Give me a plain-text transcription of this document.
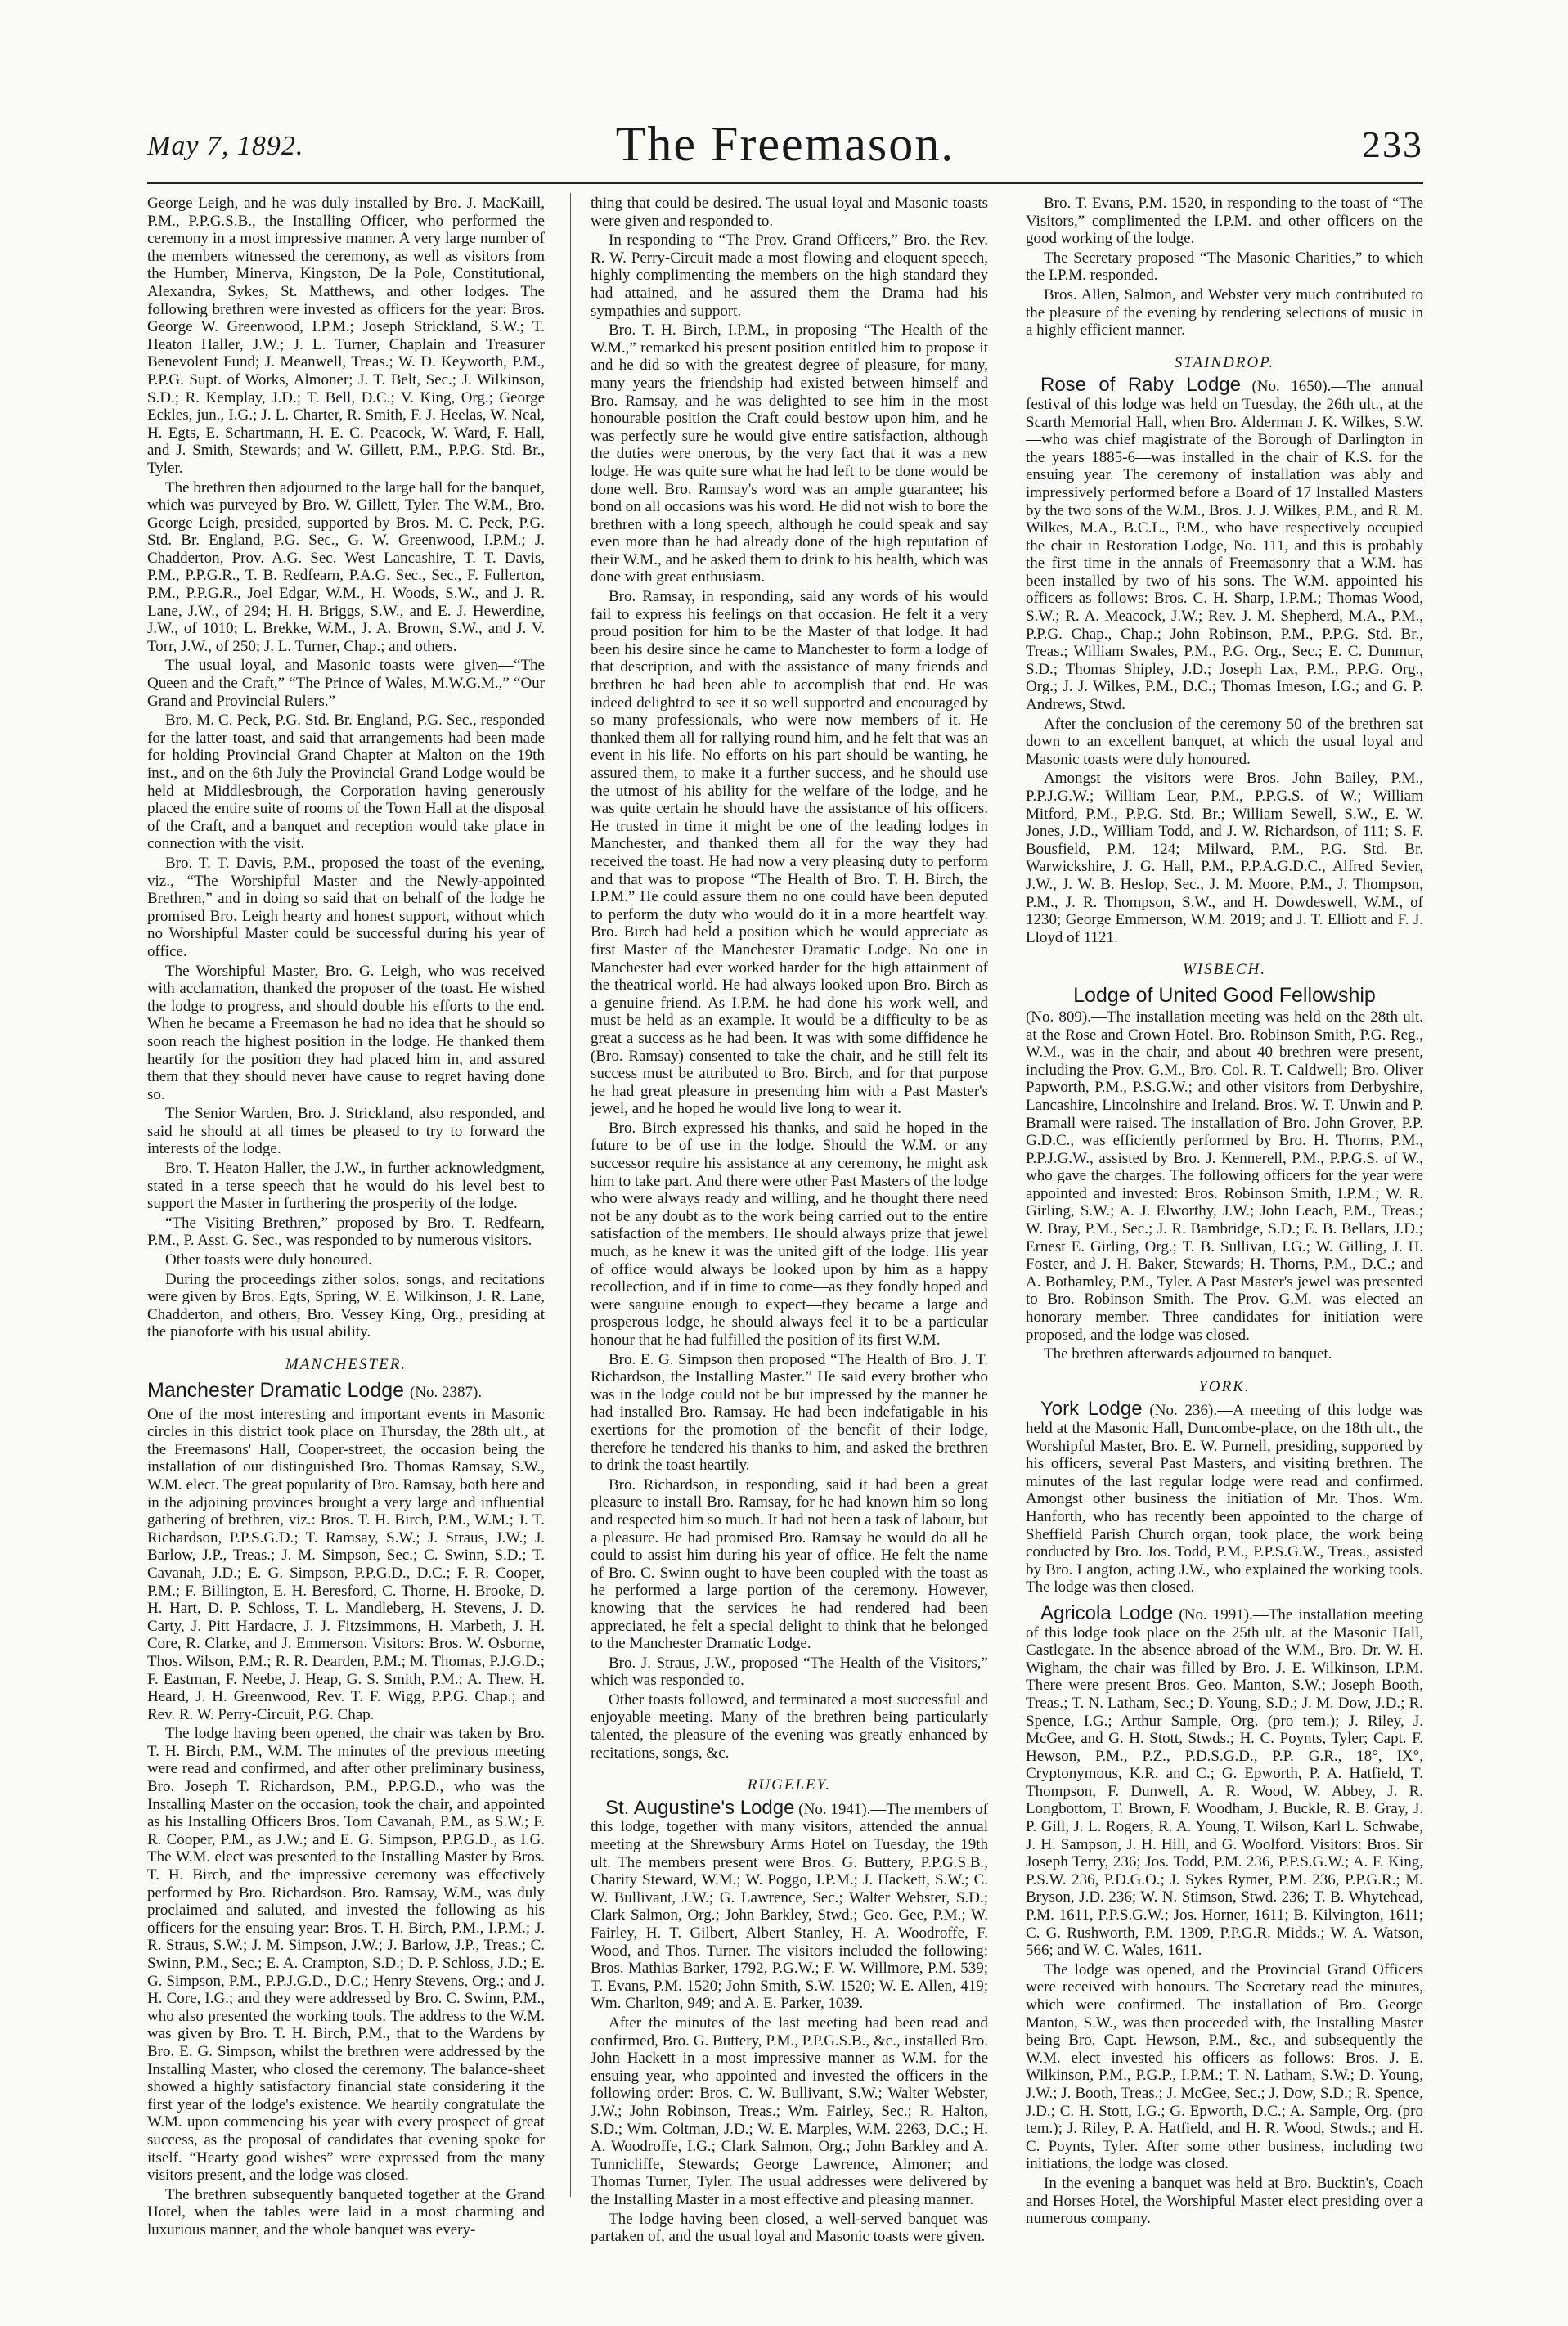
The Freemason.
May 7, 1892.	233

George Leigh, and he was duly installed by Bro. J. MacKaill, P.M., P.P.G.S.B., the Installing Officer, who performed the ceremony in a most impressive manner. A very large number of the members witnessed the ceremony, as well as visitors from the Humber, Minerva, Kingston, De la Pole, Constitutional, Alexandra, Sykes, St. Matthews, and other lodges. The following brethren were invested as officers for the year: Bros. George W. Greenwood, I.P.M.; Joseph Strickland, S.W.; T. Heaton Haller, J.W.; J. L. Turner, Chaplain and Treasurer Benevolent Fund; J. Meanwell, Treas.; W. D. Keyworth, P.M., P.P.G. Supt. of Works, Almoner; J. T. Belt, Sec.; J. Wilkinson, S.D.; R. Kemplay, J.D.; T. Bell, D.C.; V. King, Org.; George Eckles, jun., I.G.; J. L. Charter, R. Smith, F. J. Heelas, W. Neal, H. Egts, E. Schartmann, H. E. C. Peacock, W. Ward, F. Hall, and J. Smith, Stewards; and W. Gillett, P.M., P.P.G. Std. Br., Tyler.

The brethren then adjourned to the large hall for the banquet, which was purveyed by Bro. W. Gillett, Tyler. The W.M., Bro. George Leigh, presided, supported by Bros. M. C. Peck, P.G. Std. Br. England, P.G. Sec., G. W. Greenwood, I.P.M.; J. Chadderton, Prov. A.G. Sec. West Lancashire, T. T. Davis, P.M., P.P.G.R., T. B. Redfearn, P.A.G. Sec., Sec., F. Fullerton, P.M., P.P.G.R., Joel Edgar, W.M., H. Woods, S.W., and J. R. Lane, J.W., of 294; H. H. Briggs, S.W., and E. J. Hewerdine, J.W., of 1010; L. Brekke, W.M., J. A. Brown, S.W., and J. V. Torr, J.W., of 250; J. L. Turner, Chap.; and others.

The usual loyal, and Masonic toasts were given—“The Queen and the Craft,” “The Prince of Wales, M.W.G.M.,” “Our Grand and Provincial Rulers.”

Bro. M. C. Peck, P.G. Std. Br. England, P.G. Sec., responded for the latter toast, and said that arrangements had been made for holding Provincial Grand Chapter at Malton on the 19th inst., and on the 6th July the Provincial Grand Lodge would be held at Middlesbrough, the Corporation having generously placed the entire suite of rooms of the Town Hall at the disposal of the Craft, and a banquet and reception would take place in connection with the visit.

Bro. T. T. Davis, P.M., proposed the toast of the evening, viz., “The Worshipful Master and the Newly-appointed Brethren,” and in doing so said that on behalf of the lodge he promised Bro. Leigh hearty and honest support, without which no Worshipful Master could be successful during his year of office.

The Worshipful Master, Bro. G. Leigh, who was received with acclamation, thanked the proposer of the toast. He wished the lodge to progress, and should double his efforts to the end. When he became a Freemason he had no idea that he should so soon reach the highest position in the lodge. He thanked them heartily for the position they had placed him in, and assured them that they should never have cause to regret having done so.

The Senior Warden, Bro. J. Strickland, also responded, and said he should at all times be pleased to try to forward the interests of the lodge.

Bro. T. Heaton Haller, the J.W., in further acknowledgment, stated in a terse speech that he would do his level best to support the Master in furthering the prosperity of the lodge.

“The Visiting Brethren,” proposed by Bro. T. Redfearn, P.M., P. Asst. G. Sec., was responded to by numerous visitors.

Other toasts were duly honoured.

During the proceedings zither solos, songs, and recitations were given by Bros. Egts, Spring, W. E. Wilkinson, J. R. Lane, Chadderton, and others, Bro. Vessey King, Org., presiding at the pianoforte with his usual ability.

MANCHESTER.
Manchester Dramatic Lodge (No. 2387).

One of the most interesting and important events in Masonic circles in this district took place on Thursday, the 28th ult., at the Freemasons' Hall, Cooper-street, the occasion being the installation of our distinguished Bro. Thomas Ramsay, S.W., W.M. elect. The great popularity of Bro. Ramsay, both here and in the adjoining provinces brought a very large and influential gathering of brethren, viz.: Bros. T. H. Birch, P.M., W.M.; J. T. Richardson, P.P.S.G.D.; T. Ramsay, S.W.; J. Straus, J.W.; J. Barlow, J.P., Treas.; J. M. Simpson, Sec.; C. Swinn, S.D.; T. Cavanah, J.D.; E. G. Simpson, P.P.G.D., D.C.; F. R. Cooper, P.M.; F. Billington, E. H. Beresford, C. Thorne, H. Brooke, D. H. Hart, D. P. Schloss, T. L. Mandleberg, H. Stevens, J. D. Carty, J. Pitt Hardacre, J. J. Fitzsimmons, H. Marbeth, J. H. Core, R. Clarke, and J. Emmerson. Visitors: Bros. W. Osborne, Thos. Wilson, P.M.; R. R. Dearden, P.M.; M. Thomas, P.J.G.D.; F. Eastman, F. Neebe, J. Heap, G. S. Smith, P.M.; A. Thew, H. Heard, J. H. Greenwood, Rev. T. F. Wigg, P.P.G. Chap.; and Rev. R. W. Perry-Circuit, P.G. Chap.

The lodge having been opened, the chair was taken by Bro. T. H. Birch, P.M., W.M. The minutes of the previous meeting were read and confirmed, and after other preliminary business, Bro. Joseph T. Richardson, P.M., P.P.G.D., who was the Installing Master on the occasion, took the chair, and appointed as his Installing Officers Bros. Tom Cavanah, P.M., as S.W.; F. R. Cooper, P.M., as J.W.; and E. G. Simpson, P.P.G.D., as I.G. The W.M. elect was presented to the Installing Master by Bros. T. H. Birch, and the impressive ceremony was effectively performed by Bro. Richardson. Bro. Ramsay, W.M., was duly proclaimed and saluted, and invested the following as his officers for the ensuing year: Bros. T. H. Birch, P.M., I.P.M.; J. R. Straus, S.W.; J. M. Simpson, J.W.; J. Barlow, J.P., Treas.; C. Swinn, P.M., Sec.; E. A. Crampton, S.D.; D. P. Schloss, J.D.; E. G. Simpson, P.M., P.P.J.G.D., D.C.; Henry Stevens, Org.; and J. H. Core, I.G.; and they were addressed by Bro. C. Swinn, P.M., who also presented the working tools. The address to the W.M. was given by Bro. T. H. Birch, P.M., that to the Wardens by Bro. E. G. Simpson, whilst the brethren were addressed by the Installing Master, who closed the ceremony. The balance-sheet showed a highly satisfactory financial state considering it the first year of the lodge's existence. We heartily congratulate the W.M. upon commencing his year with every prospect of great success, as the proposal of candidates that evening spoke for itself. “Hearty good wishes” were expressed from the many visitors present, and the lodge was closed.

The brethren subsequently banqueted together at the Grand Hotel, when the tables were laid in a most charming and luxurious manner, and the whole banquet was every-

thing that could be desired. The usual loyal and Masonic toasts were given and responded to.

In responding to “The Prov. Grand Officers,” Bro. the Rev. R. W. Perry-Circuit made a most flowing and eloquent speech, highly complimenting the members on the high standard they had attained, and he assured them the Drama had his sympathies and support.

Bro. T. H. Birch, I.P.M., in proposing “The Health of the W.M.,” remarked his present position entitled him to propose it and he did so with the greatest degree of pleasure, for many, many years the friendship had existed between himself and Bro. Ramsay, and he was delighted to see him in the most honourable position the Craft could bestow upon him, and he was perfectly sure he would give entire satisfaction, although the duties were onerous, by the very fact that it was a new lodge. He was quite sure what he had left to be done would be done well. Bro. Ramsay's word was an ample guarantee; his bond on all occasions was his word. He did not wish to bore the brethren with a long speech, although he could speak and say even more than he had already done of the high reputation of their W.M., and he asked them to drink to his health, which was done with great enthusiasm.

Bro. Ramsay, in responding, said any words of his would fail to express his feelings on that occasion. He felt it a very proud position for him to be the Master of that lodge. It had been his desire since he came to Manchester to form a lodge of that description, and with the assistance of many friends and brethren he had been able to accomplish that end. He was indeed delighted to see it so well supported and encouraged by so many professionals, who were now members of it. He thanked them all for rallying round him, and he felt that was an event in his life. No efforts on his part should be wanting, he assured them, to make it a further success, and he should use the utmost of his ability for the welfare of the lodge, and he was quite certain he should have the assistance of his officers. He trusted in time it might be one of the leading lodges in Manchester, and thanked them all for the way they had received the toast. He had now a very pleasing duty to perform and that was to propose “The Health of Bro. T. H. Birch, the I.P.M.” He could assure them no one could have been deputed to perform the duty who would do it in a more heartfelt way. Bro. Birch had held a position which he would appreciate as first Master of the Manchester Dramatic Lodge. No one in Manchester had ever worked harder for the high attainment of the theatrical world. He had always looked upon Bro. Birch as a genuine friend. As I.P.M. he had done his work well, and must be held as an example. It would be a difficulty to be as great a success as he had been. It was with some diffidence he (Bro. Ramsay) consented to take the chair, and he still felt its success must be attributed to Bro. Birch, and for that purpose he had great pleasure in presenting him with a Past Master's jewel, and he hoped he would live long to wear it.

Bro. Birch expressed his thanks, and said he hoped in the future to be of use in the lodge. Should the W.M. or any successor require his assistance at any ceremony, he might ask him to take part. And there were other Past Masters of the lodge who were always ready and willing, and he thought there need not be any doubt as to the work being carried out to the entire satisfaction of the members. He should always prize that jewel much, as he knew it was the united gift of the lodge. His year of office would always be looked upon by him as a happy recollection, and if in time to come—as they fondly hoped and were sanguine enough to expect—they became a large and prosperous lodge, he should always feel it to be a particular honour that he had fulfilled the position of its first W.M.

Bro. E. G. Simpson then proposed “The Health of Bro. J. T. Richardson, the Installing Master.” He said every brother who was in the lodge could not be but impressed by the manner he had installed Bro. Ramsay. He had been indefatigable in his exertions for the promotion of the benefit of their lodge, therefore he tendered his thanks to him, and asked the brethren to drink the toast heartily.

Bro. Richardson, in responding, said it had been a great pleasure to install Bro. Ramsay, for he had known him so long and respected him so much. It had not been a task of labour, but a pleasure. He had promised Bro. Ramsay he would do all he could to assist him during his year of office. He felt the name of Bro. C. Swinn ought to have been coupled with the toast as he performed a large portion of the ceremony. However, knowing that the services he had rendered had been appreciated, he felt a special delight to think that he belonged to the Manchester Dramatic Lodge.

Bro. J. Straus, J.W., proposed “The Health of the Visitors,” which was responded to.

Other toasts followed, and terminated a most successful and enjoyable meeting. Many of the brethren being particularly talented, the pleasure of the evening was greatly enhanced by recitations, songs, &c.

RUGELEY.

St. Augustine's Lodge (No. 1941).—The members of this lodge, together with many visitors, attended the annual meeting at the Shrewsbury Arms Hotel on Tuesday, the 19th ult. The members present were Bros. G. Buttery, P.P.G.S.B., Charity Steward, W.M.; W. Poggo, I.P.M.; J. Hackett, S.W.; C. W. Bullivant, J.W.; G. Lawrence, Sec.; Walter Webster, S.D.; Clark Salmon, Org.; John Barkley, Stwd.; Geo. Gee, P.M.; W. Fairley, H. T. Gilbert, Albert Stanley, H. A. Woodroffe, F. Wood, and Thos. Turner. The visitors included the following: Bros. Mathias Barker, 1792, P.G.W.; F. W. Willmore, P.M. 539; T. Evans, P.M. 1520; John Smith, S.W. 1520; W. E. Allen, 419; Wm. Charlton, 949; and A. E. Parker, 1039.

After the minutes of the last meeting had been read and confirmed, Bro. G. Buttery, P.M., P.P.G.S.B., &c., installed Bro. John Hackett in a most impressive manner as W.M. for the ensuing year, who appointed and invested the officers in the following order: Bros. C. W. Bullivant, S.W.; Walter Webster, J.W.; John Robinson, Treas.; Wm. Fairley, Sec.; R. Halton, S.D.; Wm. Coltman, J.D.; W. E. Marples, W.M. 2263, D.C.; H. A. Woodroffe, I.G.; Clark Salmon, Org.; John Barkley and A. Tunnicliffe, Stewards; George Lawrence, Almoner; and Thomas Turner, Tyler. The usual addresses were delivered by the Installing Master in a most effective and pleasing manner.

The lodge having been closed, a well-served banquet was partaken of, and the usual loyal and Masonic toasts were given.

Bro. T. Evans, P.M. 1520, in responding to the toast of “The Visitors,” complimented the I.P.M. and other officers on the good working of the lodge.

The Secretary proposed “The Masonic Charities,” to which the I.P.M. responded.

Bros. Allen, Salmon, and Webster very much contributed to the pleasure of the evening by rendering selections of music in a highly efficient manner.

STAINDROP.

Rose of Raby Lodge (No. 1650).—The annual festival of this lodge was held on Tuesday, the 26th ult., at the Scarth Memorial Hall, when Bro. Alderman J. K. Wilkes, S.W.—who was chief magistrate of the Borough of Darlington in the years 1885-6—was installed in the chair of K.S. for the ensuing year. The ceremony of installation was ably and impressively performed before a Board of 17 Installed Masters by the two sons of the W.M., Bros. J. J. Wilkes, P.M., and R. M. Wilkes, M.A., B.C.L., P.M., who have respectively occupied the chair in Restoration Lodge, No. 111, and this is probably the first time in the annals of Freemasonry that a W.M. has been installed by two of his sons. The W.M. appointed his officers as follows: Bros. C. H. Sharp, I.P.M.; Thomas Wood, S.W.; R. A. Meacock, J.W.; Rev. J. M. Shepherd, M.A., P.M., P.P.G. Chap., Chap.; John Robinson, P.M., P.P.G. Std. Br., Treas.; William Swales, P.M., P.G. Org., Sec.; E. C. Dunmur, S.D.; Thomas Shipley, J.D.; Joseph Lax, P.M., P.P.G. Org., Org.; J. J. Wilkes, P.M., D.C.; Thomas Imeson, I.G.; and G. P. Andrews, Stwd.

After the conclusion of the ceremony 50 of the brethren sat down to an excellent banquet, at which the usual loyal and Masonic toasts were duly honoured.

Amongst the visitors were Bros. John Bailey, P.M., P.P.J.G.W.; William Lear, P.M., P.P.G.S. of W.; William Mitford, P.M., P.P.G. Std. Br.; William Sewell, S.W., E. W. Jones, J.D., William Todd, and J. W. Richardson, of 111; S. F. Bousfield, P.M. 124; Milward, P.M., P.G. Std. Br. Warwickshire, J. G. Hall, P.M., P.P.A.G.D.C., Alfred Sevier, J.W., J. W. B. Heslop, Sec., J. M. Moore, P.M., J. Thompson, P.M., J. R. Thompson, S.W., and H. Dowdeswell, W.M., of 1230; George Emmerson, W.M. 2019; and J. T. Elliott and F. J. Lloyd of 1121.

WISBECH.
Lodge of United Good Fellowship

(No. 809).—The installation meeting was held on the 28th ult. at the Rose and Crown Hotel. Bro. Robinson Smith, P.G. Reg., W.M., was in the chair, and about 40 brethren were present, including the Prov. G.M., Bro. Col. R. T. Caldwell; Bro. Oliver Papworth, P.M., P.S.G.W.; and other visitors from Derbyshire, Lancashire, Lincolnshire and Ireland. Bros. W. T. Unwin and P. Bramall were raised. The installation of Bro. John Grover, P.P. G.D.C., was efficiently performed by Bro. H. Thorns, P.M., P.P.J.G.W., assisted by Bro. J. Kennerell, P.M., P.P.G.S. of W., who gave the charges. The following officers for the year were appointed and invested: Bros. Robinson Smith, I.P.M.; W. R. Girling, S.W.; A. J. Elworthy, J.W.; John Leach, P.M., Treas.; W. Bray, P.M., Sec.; J. R. Bambridge, S.D.; E. B. Bellars, J.D.; Ernest E. Girling, Org.; T. B. Sullivan, I.G.; W. Gilling, J. H. Foster, and J. H. Baker, Stewards; H. Thorns, P.M., D.C.; and A. Bothamley, P.M., Tyler. A Past Master's jewel was presented to Bro. Robinson Smith. The Prov. G.M. was elected an honorary member. Three candidates for initiation were proposed, and the lodge was closed.

The brethren afterwards adjourned to banquet.

YORK.

York Lodge (No. 236).—A meeting of this lodge was held at the Masonic Hall, Duncombe-place, on the 18th ult., the Worshipful Master, Bro. E. W. Purnell, presiding, supported by his officers, several Past Masters, and visiting brethren. The minutes of the last regular lodge were read and confirmed. Amongst other business the initiation of Mr. Thos. Wm. Hanforth, who has recently been appointed to the charge of Sheffield Parish Church organ, took place, the work being conducted by Bro. Jos. Todd, P.M., P.P.S.G.W., Treas., assisted by Bro. Langton, acting J.W., who explained the working tools. The lodge was then closed.

Agricola Lodge (No. 1991).—The installation meeting of this lodge took place on the 25th ult. at the Masonic Hall, Castlegate. In the absence abroad of the W.M., Bro. Dr. W. H. Wigham, the chair was filled by Bro. J. E. Wilkinson, I.P.M. There were present Bros. Geo. Manton, S.W.; Joseph Booth, Treas.; T. N. Latham, Sec.; D. Young, S.D.; J. M. Dow, J.D.; R. Spence, I.G.; Arthur Sample, Org. (pro tem.); J. Riley, J. McGee, and G. H. Stott, Stwds.; H. C. Poynts, Tyler; Capt. F. Hewson, P.M., P.Z., P.D.S.G.D., P.P. G.R., 18°, IX°, Cryptonymous, K.R. and C.; G. Epworth, P. A. Hatfield, T. Thompson, F. Dunwell, A. R. Wood, W. Abbey, J. R. Longbottom, T. Brown, F. Woodham, J. Buckle, R. B. Gray, J. P. Gill, J. L. Rogers, R. A. Young, T. Wilson, Karl L. Schwabe, J. H. Sampson, J. H. Hill, and G. Woolford. Visitors: Bros. Sir Joseph Terry, 236; Jos. Todd, P.M. 236, P.P.S.G.W.; A. F. King, P.S.W. 236, P.D.G.O.; J. Sykes Rymer, P.M. 236, P.P.G.R.; M. Bryson, J.D. 236; W. N. Stimson, Stwd. 236; T. B. Whytehead, P.M. 1611, P.P.S.G.W.; Jos. Horner, 1611; B. Kilvington, 1611; C. G. Rushworth, P.M. 1309, P.P.G.R. Midds.; W. A. Watson, 566; and W. C. Wales, 1611.

The lodge was opened, and the Provincial Grand Officers were received with honours. The Secretary read the minutes, which were confirmed. The installation of Bro. George Manton, S.W., was then proceeded with, the Installing Master being Bro. Capt. Hewson, P.M., &c., and subsequently the W.M. elect invested his officers as follows: Bros. J. E. Wilkinson, P.M., P.G.P., I.P.M.; T. N. Latham, S.W.; D. Young, J.W.; J. Booth, Treas.; J. McGee, Sec.; J. Dow, S.D.; R. Spence, J.D.; C. H. Stott, I.G.; G. Epworth, D.C.; A. Sample, Org. (pro tem.); J. Riley, P. A. Hatfield, and H. R. Wood, Stwds.; and H. C. Poynts, Tyler. After some other business, including two initiations, the lodge was closed.

In the evening a banquet was held at Bro. Bucktin's, Coach and Horses Hotel, the Worshipful Master elect presiding over a numerous company.
